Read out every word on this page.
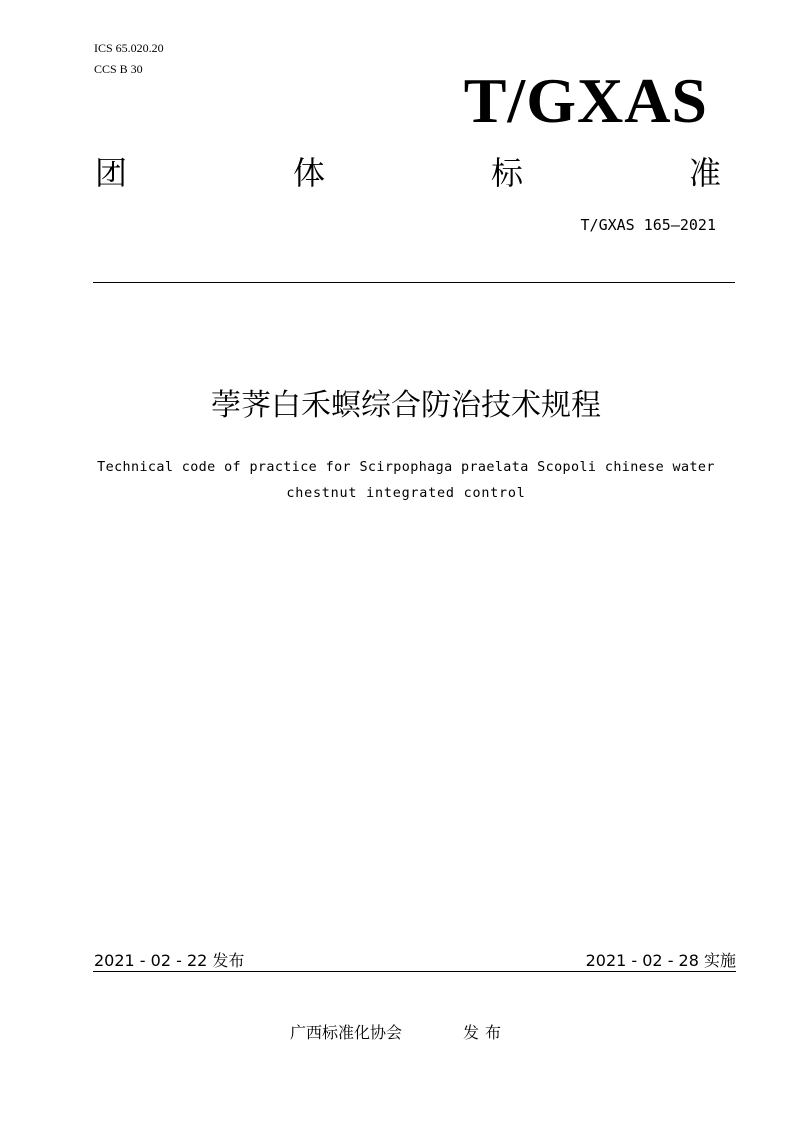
ICS 65.020.20
CCS B 30	T/GXAS
团	体	标	准
T/GXAS 165—2021
荸荠白禾螟综合防治技术规程
Technical code of practice for Scirpophaga praelata Scopoli chinese water
chestnut integrated control
2021 - 02 - 22 发布	2021 - 02 - 28 实施
广西标准化协会	发布
